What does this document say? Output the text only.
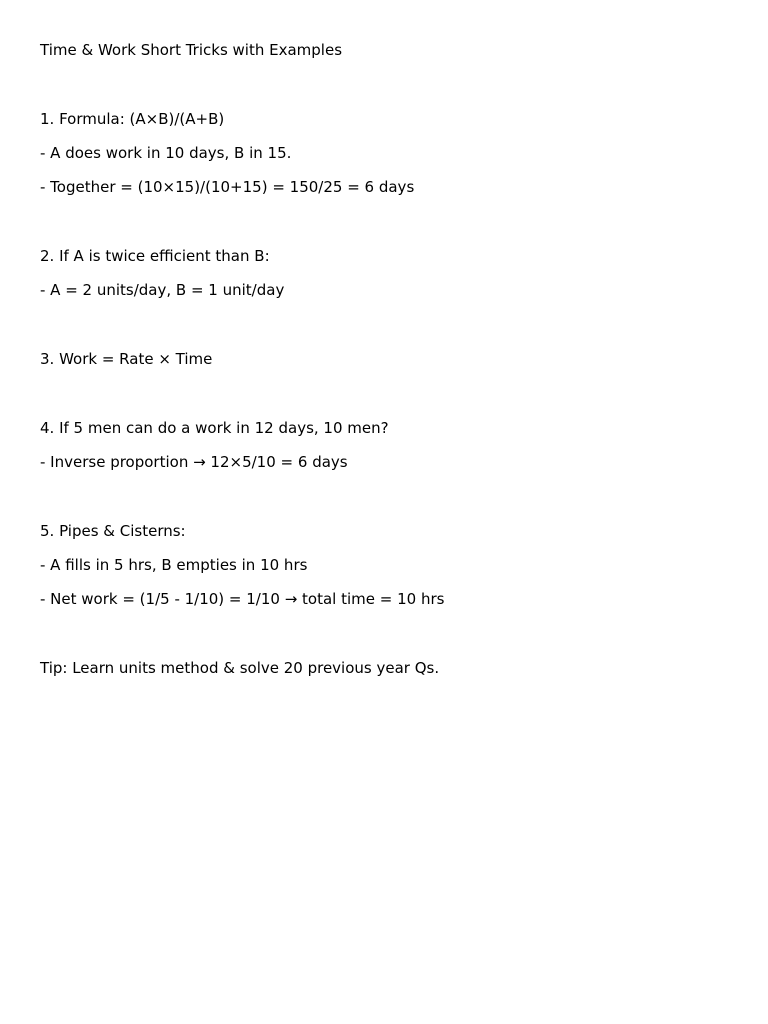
Time & Work Short Tricks with Examples

1. Formula: (A×B)/(A+B)

- A does work in 10 days, B in 15.

- Together = (10×15)/(10+15) = 150/25 = 6 days

2. If A is twice efficient than B:

- A = 2 units/day, B = 1 unit/day

3. Work = Rate × Time

4. If 5 men can do a work in 12 days, 10 men?

- Inverse proportion → 12×5/10 = 6 days

5. Pipes & Cisterns:

- A fills in 5 hrs, B empties in 10 hrs

- Net work = (1/5 - 1/10) = 1/10 → total time = 10 hrs

Tip: Learn units method & solve 20 previous year Qs.
